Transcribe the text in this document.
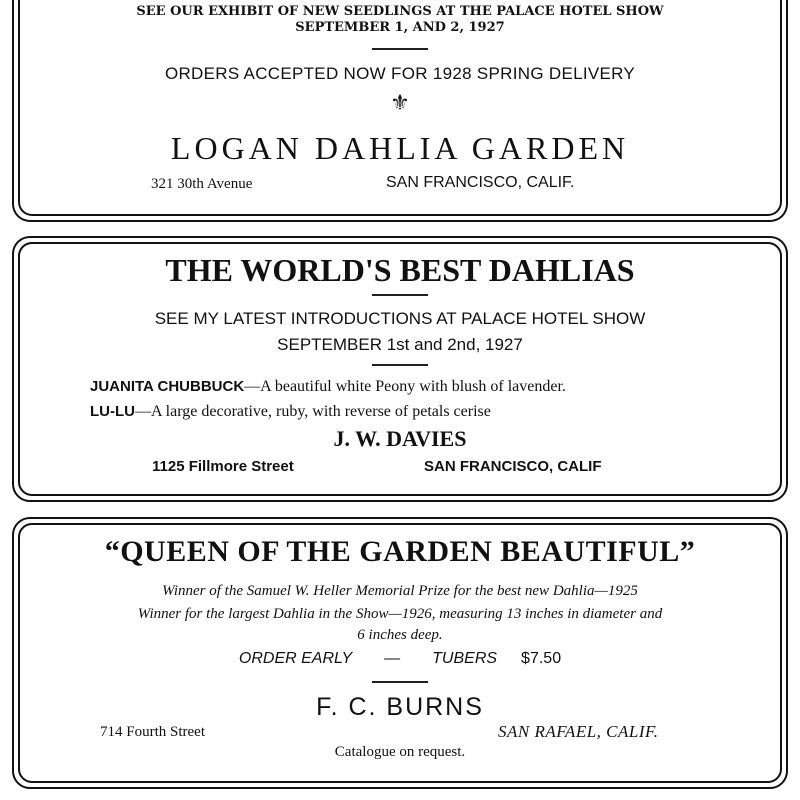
SEE OUR EXHIBIT OF NEW SEEDLINGS AT THE PALACE HOTEL SHOW
SEPTEMBER 1, AND 2, 1927
ORDERS ACCEPTED NOW FOR 1928 SPRING DELIVERY
⚜
LOGAN DAHLIA GARDEN
321 30th Avenue	SAN FRANCISCO, CALIF.
THE WORLD'S BEST DAHLIAS
SEE MY LATEST INTRODUCTIONS AT PALACE HOTEL SHOW
SEPTEMBER 1st and 2nd, 1927
JUANITA CHUBBUCK—A beautiful white Peony with blush of lavender.
LU-LU—A large decorative, ruby, with reverse of petals cerise
J. W. DAVIES
1125 Fillmore Street	SAN FRANCISCO, CALIF
“QUEEN OF THE GARDEN BEAUTIFUL”
Winner of the Samuel W. Heller Memorial Prize for the best new Dahlia—1925
Winner for the largest Dahlia in the Show—1926, measuring 13 inches in diameter and
6 inches deep.
ORDER EARLY — TUBERS $7.50
F. C. BURNS
714 Fourth Street	SAN RAFAEL, CALIF.
Catalogue on request.
